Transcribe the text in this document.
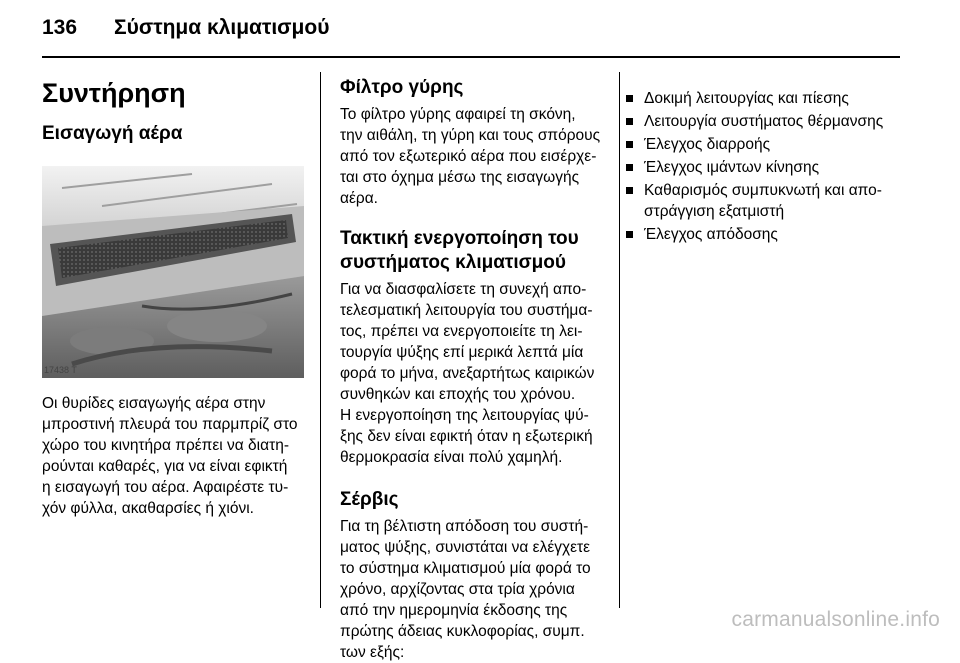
136 Σύστημα κλιματισμού
Συντήρηση
Εισαγωγή αέρα
17438 T

Οι θυρίδες εισαγωγής αέρα στην
μπροστινή πλευρά του παρμπρίζ στο
χώρο του κινητήρα πρέπει να διατη-
ρούνται καθαρές, για να είναι εφικτή
η εισαγωγή του αέρα. Αφαιρέστε τυ-
χόν φύλλα, ακαθαρσίες ή χιόνι.

Φίλτρο γύρης

Το φίλτρο γύρης αφαιρεί τη σκόνη,
την αιθάλη, τη γύρη και τους σπόρους
από τον εξωτερικό αέρα που εισέρχε-
ται στο όχημα μέσω της εισαγωγής
αέρα.

Τακτική ενεργοποίηση του
συστήματος κλιματισμού

Για να διασφαλίσετε τη συνεχή απο-
τελεσματική λειτουργία του συστήμα-
τος, πρέπει να ενεργοποιείτε τη λει-
τουργία ψύξης επί μερικά λεπτά μία
φορά το μήνα, ανεξαρτήτως καιρικών
συνθηκών και εποχής του χρόνου.
Η ενεργοποίηση της λειτουργίας ψύ-
ξης δεν είναι εφικτή όταν η εξωτερική
θερμοκρασία είναι πολύ χαμηλή.

Σέρβις

Για τη βέλτιστη απόδοση του συστή-
ματος ψύξης, συνιστάται να ελέγχετε
το σύστημα κλιματισμού μία φορά το
χρόνο, αρχίζοντας στα τρία χρόνια
από την ημερομηνία έκδοσης της
πρώτης άδειας κυκλοφορίας, συμπ.
των εξής:

Δοκιμή λειτουργίας και πίεσης
Λειτουργία συστήματος θέρμανσης
Έλεγχος διαρροής
Έλεγχος ιμάντων κίνησης
Καθαρισμός συμπυκνωτή και απο-
στράγγιση εξατμιστή
Έλεγχος απόδοσης
carmanualsonline.info
